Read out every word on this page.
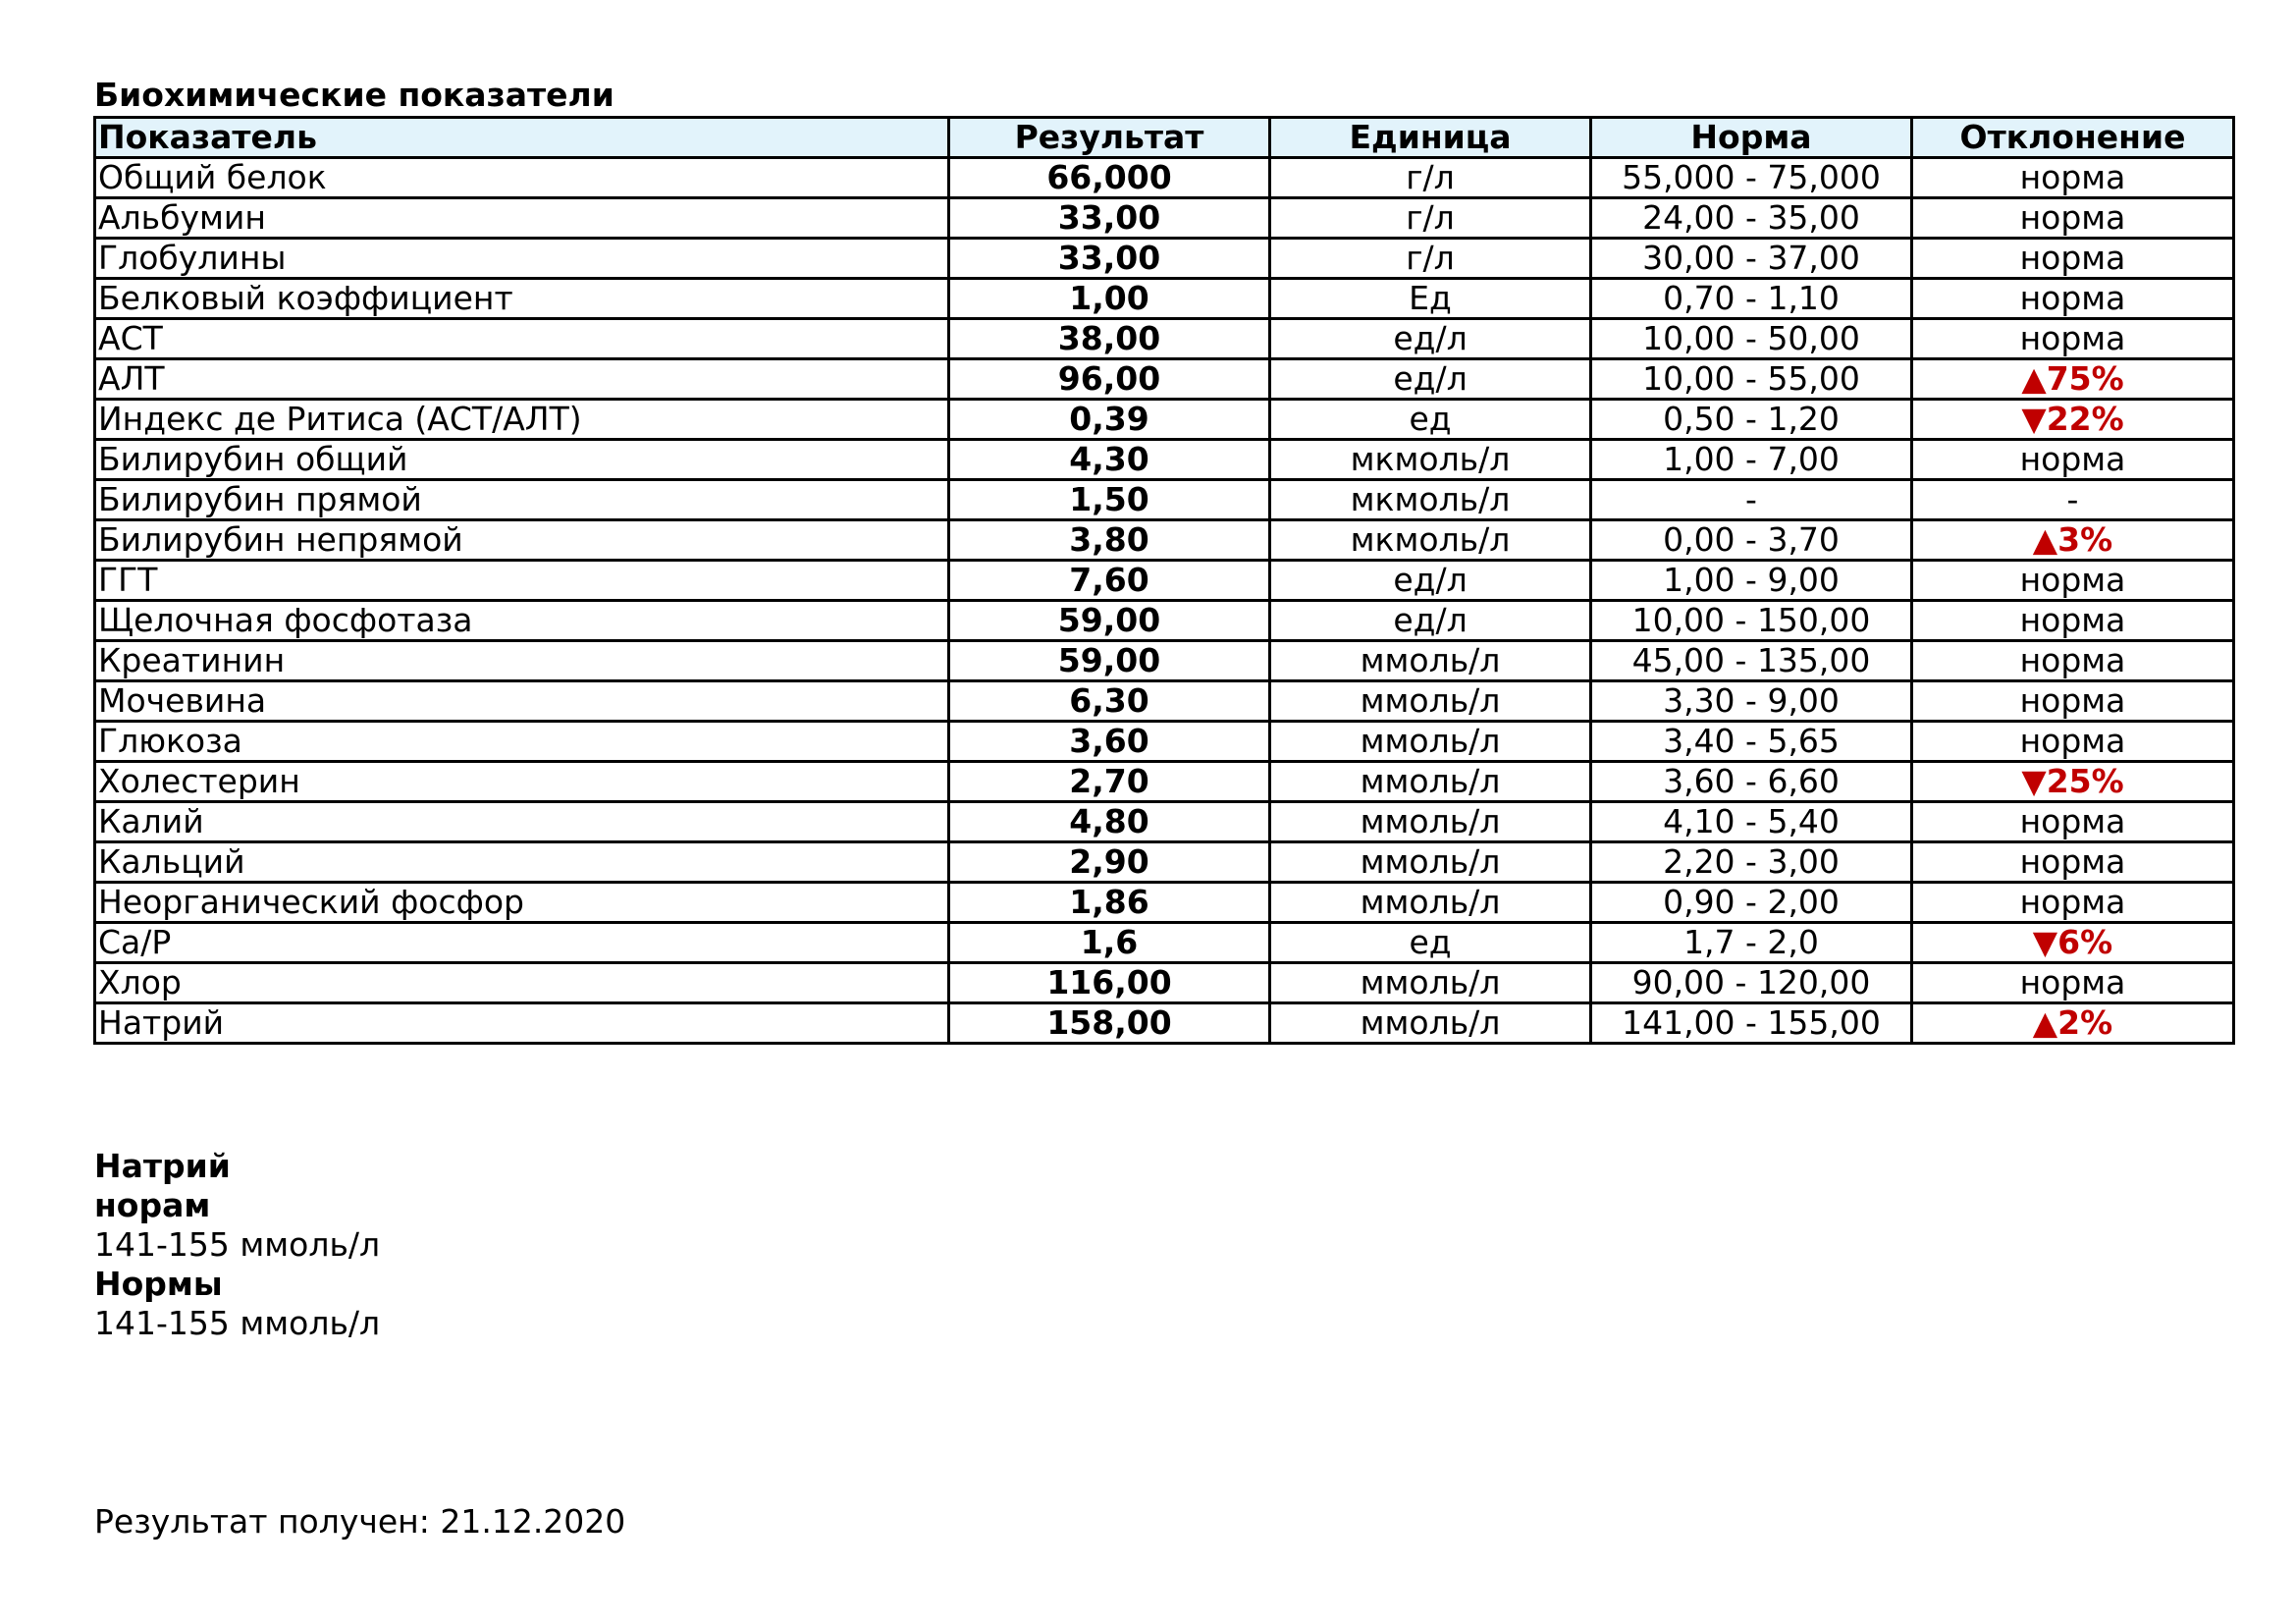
Биохимические показатели
Показатель	Результат	Единица	Норма	Отклонение
Общий белок	66,000	г/л	55,000 - 75,000	норма
Альбумин	33,00	г/л	24,00 - 35,00	норма
Глобулины	33,00	г/л	30,00 - 37,00	норма
Белковый коэффициент	1,00	Ед	0,70 - 1,10	норма
АСТ	38,00	ед/л	10,00 - 50,00	норма
АЛТ	96,00	ед/л	10,00 - 55,00	▲75%
Индекс де Ритиса (АСТ/АЛТ)	0,39	ед	0,50 - 1,20	▼22%
Билирубин общий	4,30	мкмоль/л	1,00 - 7,00	норма
Билирубин прямой	1,50	мкмоль/л	-	-
Билирубин непрямой	3,80	мкмоль/л	0,00 - 3,70	▲3%
ГГТ	7,60	ед/л	1,00 - 9,00	норма
Щелочная фосфотаза	59,00	ед/л	10,00 - 150,00	норма
Креатинин	59,00	ммоль/л	45,00 - 135,00	норма
Мочевина	6,30	ммоль/л	3,30 - 9,00	норма
Глюкоза	3,60	ммоль/л	3,40 - 5,65	норма
Холестерин	2,70	ммоль/л	3,60 - 6,60	▼25%
Калий	4,80	ммоль/л	4,10 - 5,40	норма
Кальций	2,90	ммоль/л	2,20 - 3,00	норма
Неорганический фосфор	1,86	ммоль/л	0,90 - 2,00	норма
Са/Р	1,6	ед	1,7 - 2,0	▼6%
Хлор	116,00	ммоль/л	90,00 - 120,00	норма
Натрий	158,00	ммоль/л	141,00 - 155,00	▲2%
Натрий
норам
141-155 ммоль/л
Нормы
141-155 ммоль/л
Результат получен: 21.12.2020
